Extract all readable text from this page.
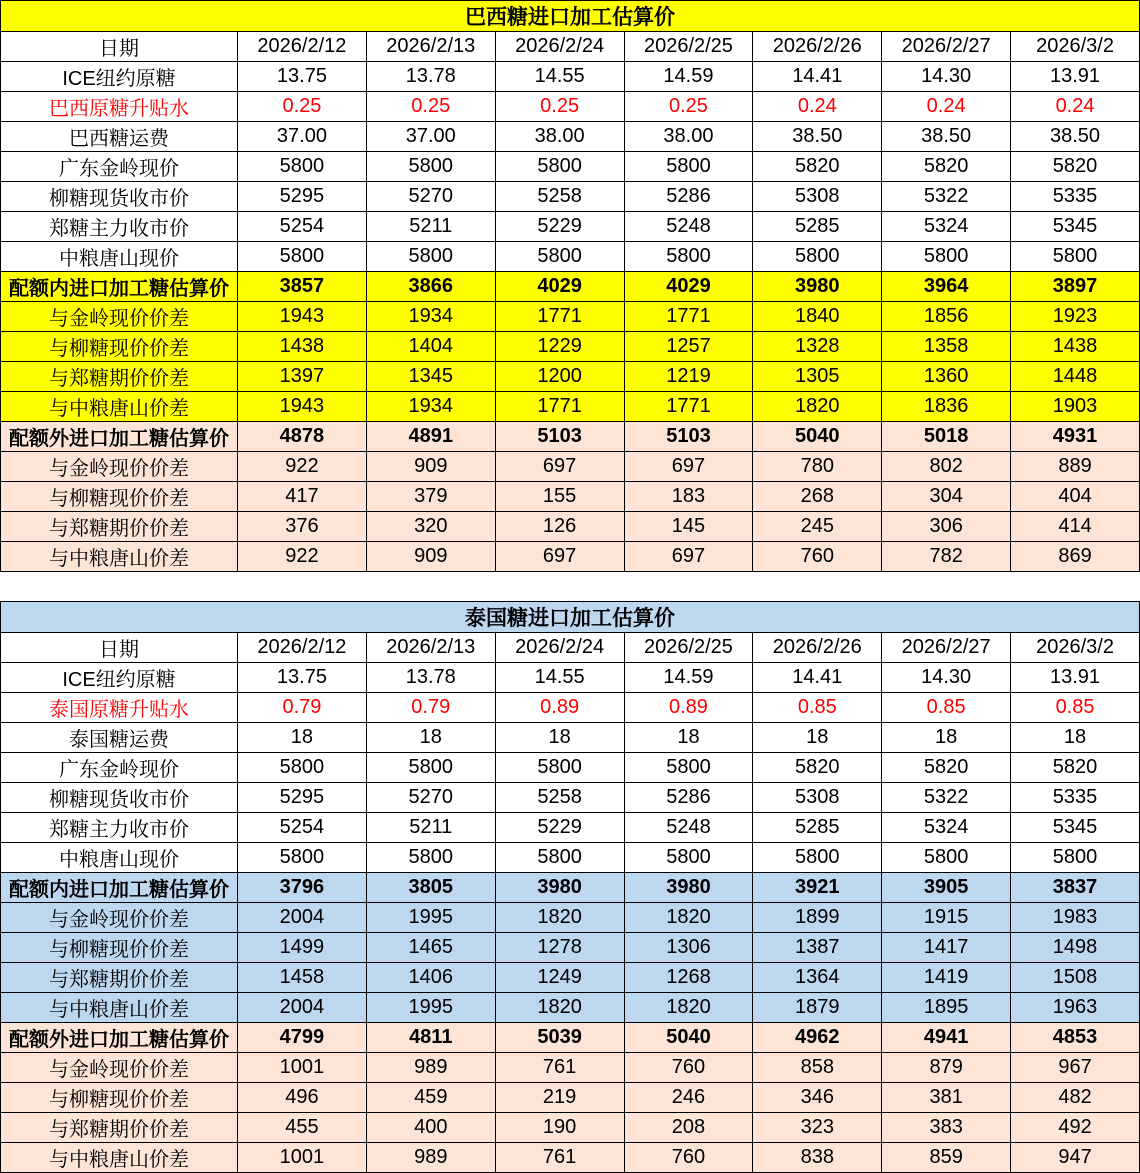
巴西糖进口加工估算价							
日期	2026/2/12	2026/2/13	2026/2/24	2026/2/25	2026/2/26	2026/2/27	2026/3/2
ICE纽约原糖	13.75	13.78	14.55	14.59	14.41	14.30	13.91
巴西原糖升贴水	0.25	0.25	0.25	0.25	0.24	0.24	0.24
巴西糖运费	37.00	37.00	38.00	38.00	38.50	38.50	38.50
广东金岭现价	5800	5800	5800	5800	5820	5820	5820
柳糖现货收市价	5295	5270	5258	5286	5308	5322	5335
郑糖主力收市价	5254	5211	5229	5248	5285	5324	5345
中粮唐山现价	5800	5800	5800	5800	5800	5800	5800
配额内进口加工糖估算价	3857	3866	4029	4029	3980	3964	3897
与金岭现价价差	1943	1934	1771	1771	1840	1856	1923
与柳糖现价价差	1438	1404	1229	1257	1328	1358	1438
与郑糖期价价差	1397	1345	1200	1219	1305	1360	1448
与中粮唐山价差	1943	1934	1771	1771	1820	1836	1903
配额外进口加工糖估算价	4878	4891	5103	5103	5040	5018	4931
与金岭现价价差	922	909	697	697	780	802	889
与柳糖现价价差	417	379	155	183	268	304	404
与郑糖期价价差	376	320	126	145	245	306	414
与中粮唐山价差	922	909	697	697	760	782	869
泰国糖进口加工估算价							
日期	2026/2/12	2026/2/13	2026/2/24	2026/2/25	2026/2/26	2026/2/27	2026/3/2
ICE纽约原糖	13.75	13.78	14.55	14.59	14.41	14.30	13.91
泰国原糖升贴水	0.79	0.79	0.89	0.89	0.85	0.85	0.85
泰国糖运费	18	18	18	18	18	18	18
广东金岭现价	5800	5800	5800	5800	5820	5820	5820
柳糖现货收市价	5295	5270	5258	5286	5308	5322	5335
郑糖主力收市价	5254	5211	5229	5248	5285	5324	5345
中粮唐山现价	5800	5800	5800	5800	5800	5800	5800
配额内进口加工糖估算价	3796	3805	3980	3980	3921	3905	3837
与金岭现价价差	2004	1995	1820	1820	1899	1915	1983
与柳糖现价价差	1499	1465	1278	1306	1387	1417	1498
与郑糖期价价差	1458	1406	1249	1268	1364	1419	1508
与中粮唐山价差	2004	1995	1820	1820	1879	1895	1963
配额外进口加工糖估算价	4799	4811	5039	5040	4962	4941	4853
与金岭现价价差	1001	989	761	760	858	879	967
与柳糖现价价差	496	459	219	246	346	381	482
与郑糖期价价差	455	400	190	208	323	383	492
与中粮唐山价差	1001	989	761	760	838	859	947
